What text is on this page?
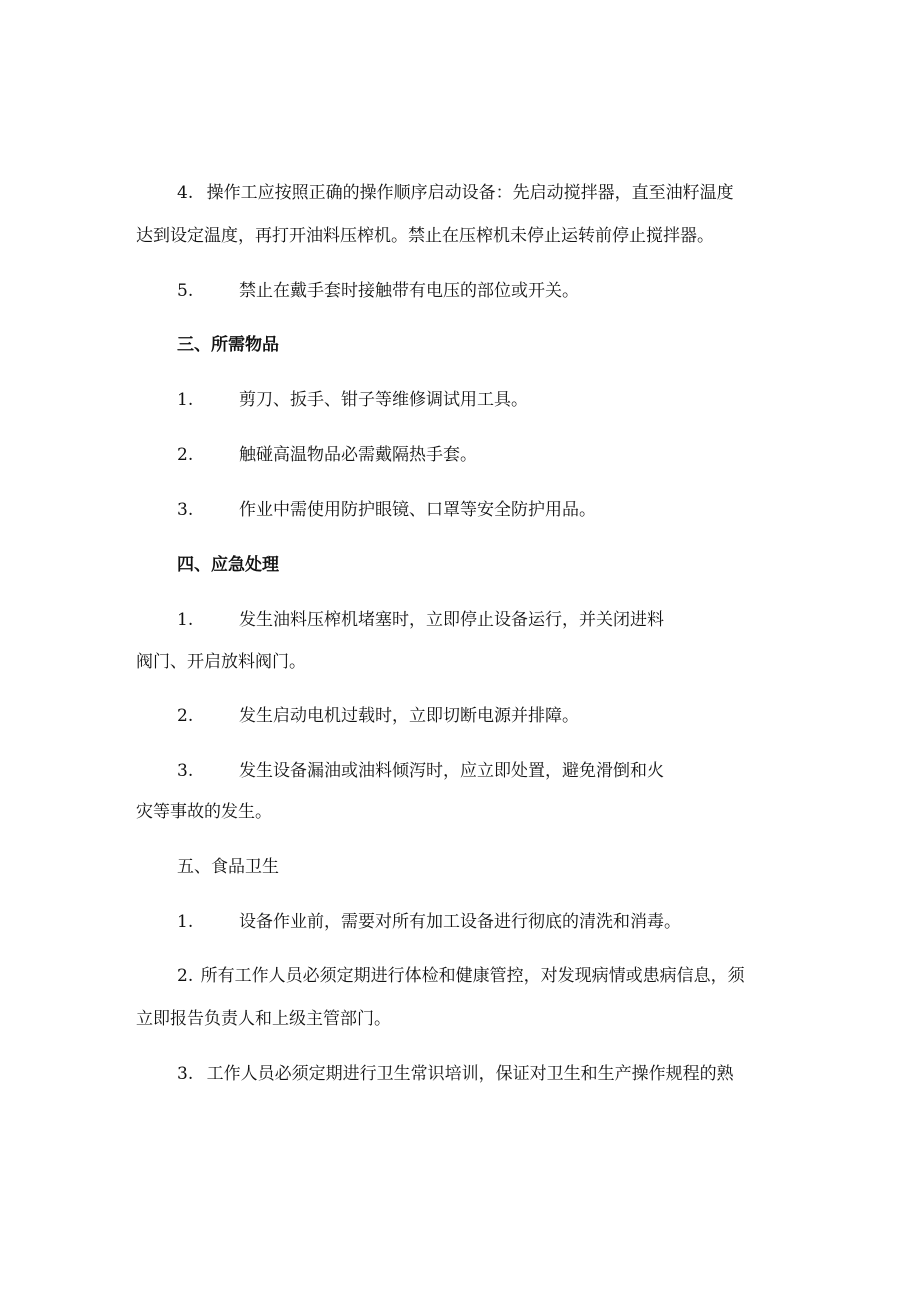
4. 操作工应按照正确的操作顺序启动设备：先启动搅拌器，直至油籽温度

达到设定温度，再打开油料压榨机。禁止在压榨机未停止运转前停止搅拌器。

5.	禁止在戴手套时接触带有电压的部位或开关。

三、所需物品

1.	剪刀、扳手、钳子等维修调试用工具。

2.	触碰高温物品必需戴隔热手套。

3.	作业中需使用防护眼镜、口罩等安全防护用品。

四、应急处理

1.	发生油料压榨机堵塞时，立即停止设备运行，并关闭进料

阀门、开启放料阀门。

2.	发生启动电机过载时，立即切断电源并排障。

3.	发生设备漏油或油料倾泻时，应立即处置，避免滑倒和火

灾等事故的发生。

五、食品卫生

1.	设备作业前，需要对所有加工设备进行彻底的清洗和消毒。

2. 所有工作人员必须定期进行体检和健康管控，对发现病情或患病信息，须

立即报告负责人和上级主管部门。

3. 工作人员必须定期进行卫生常识培训，保证对卫生和生产操作规程的熟
